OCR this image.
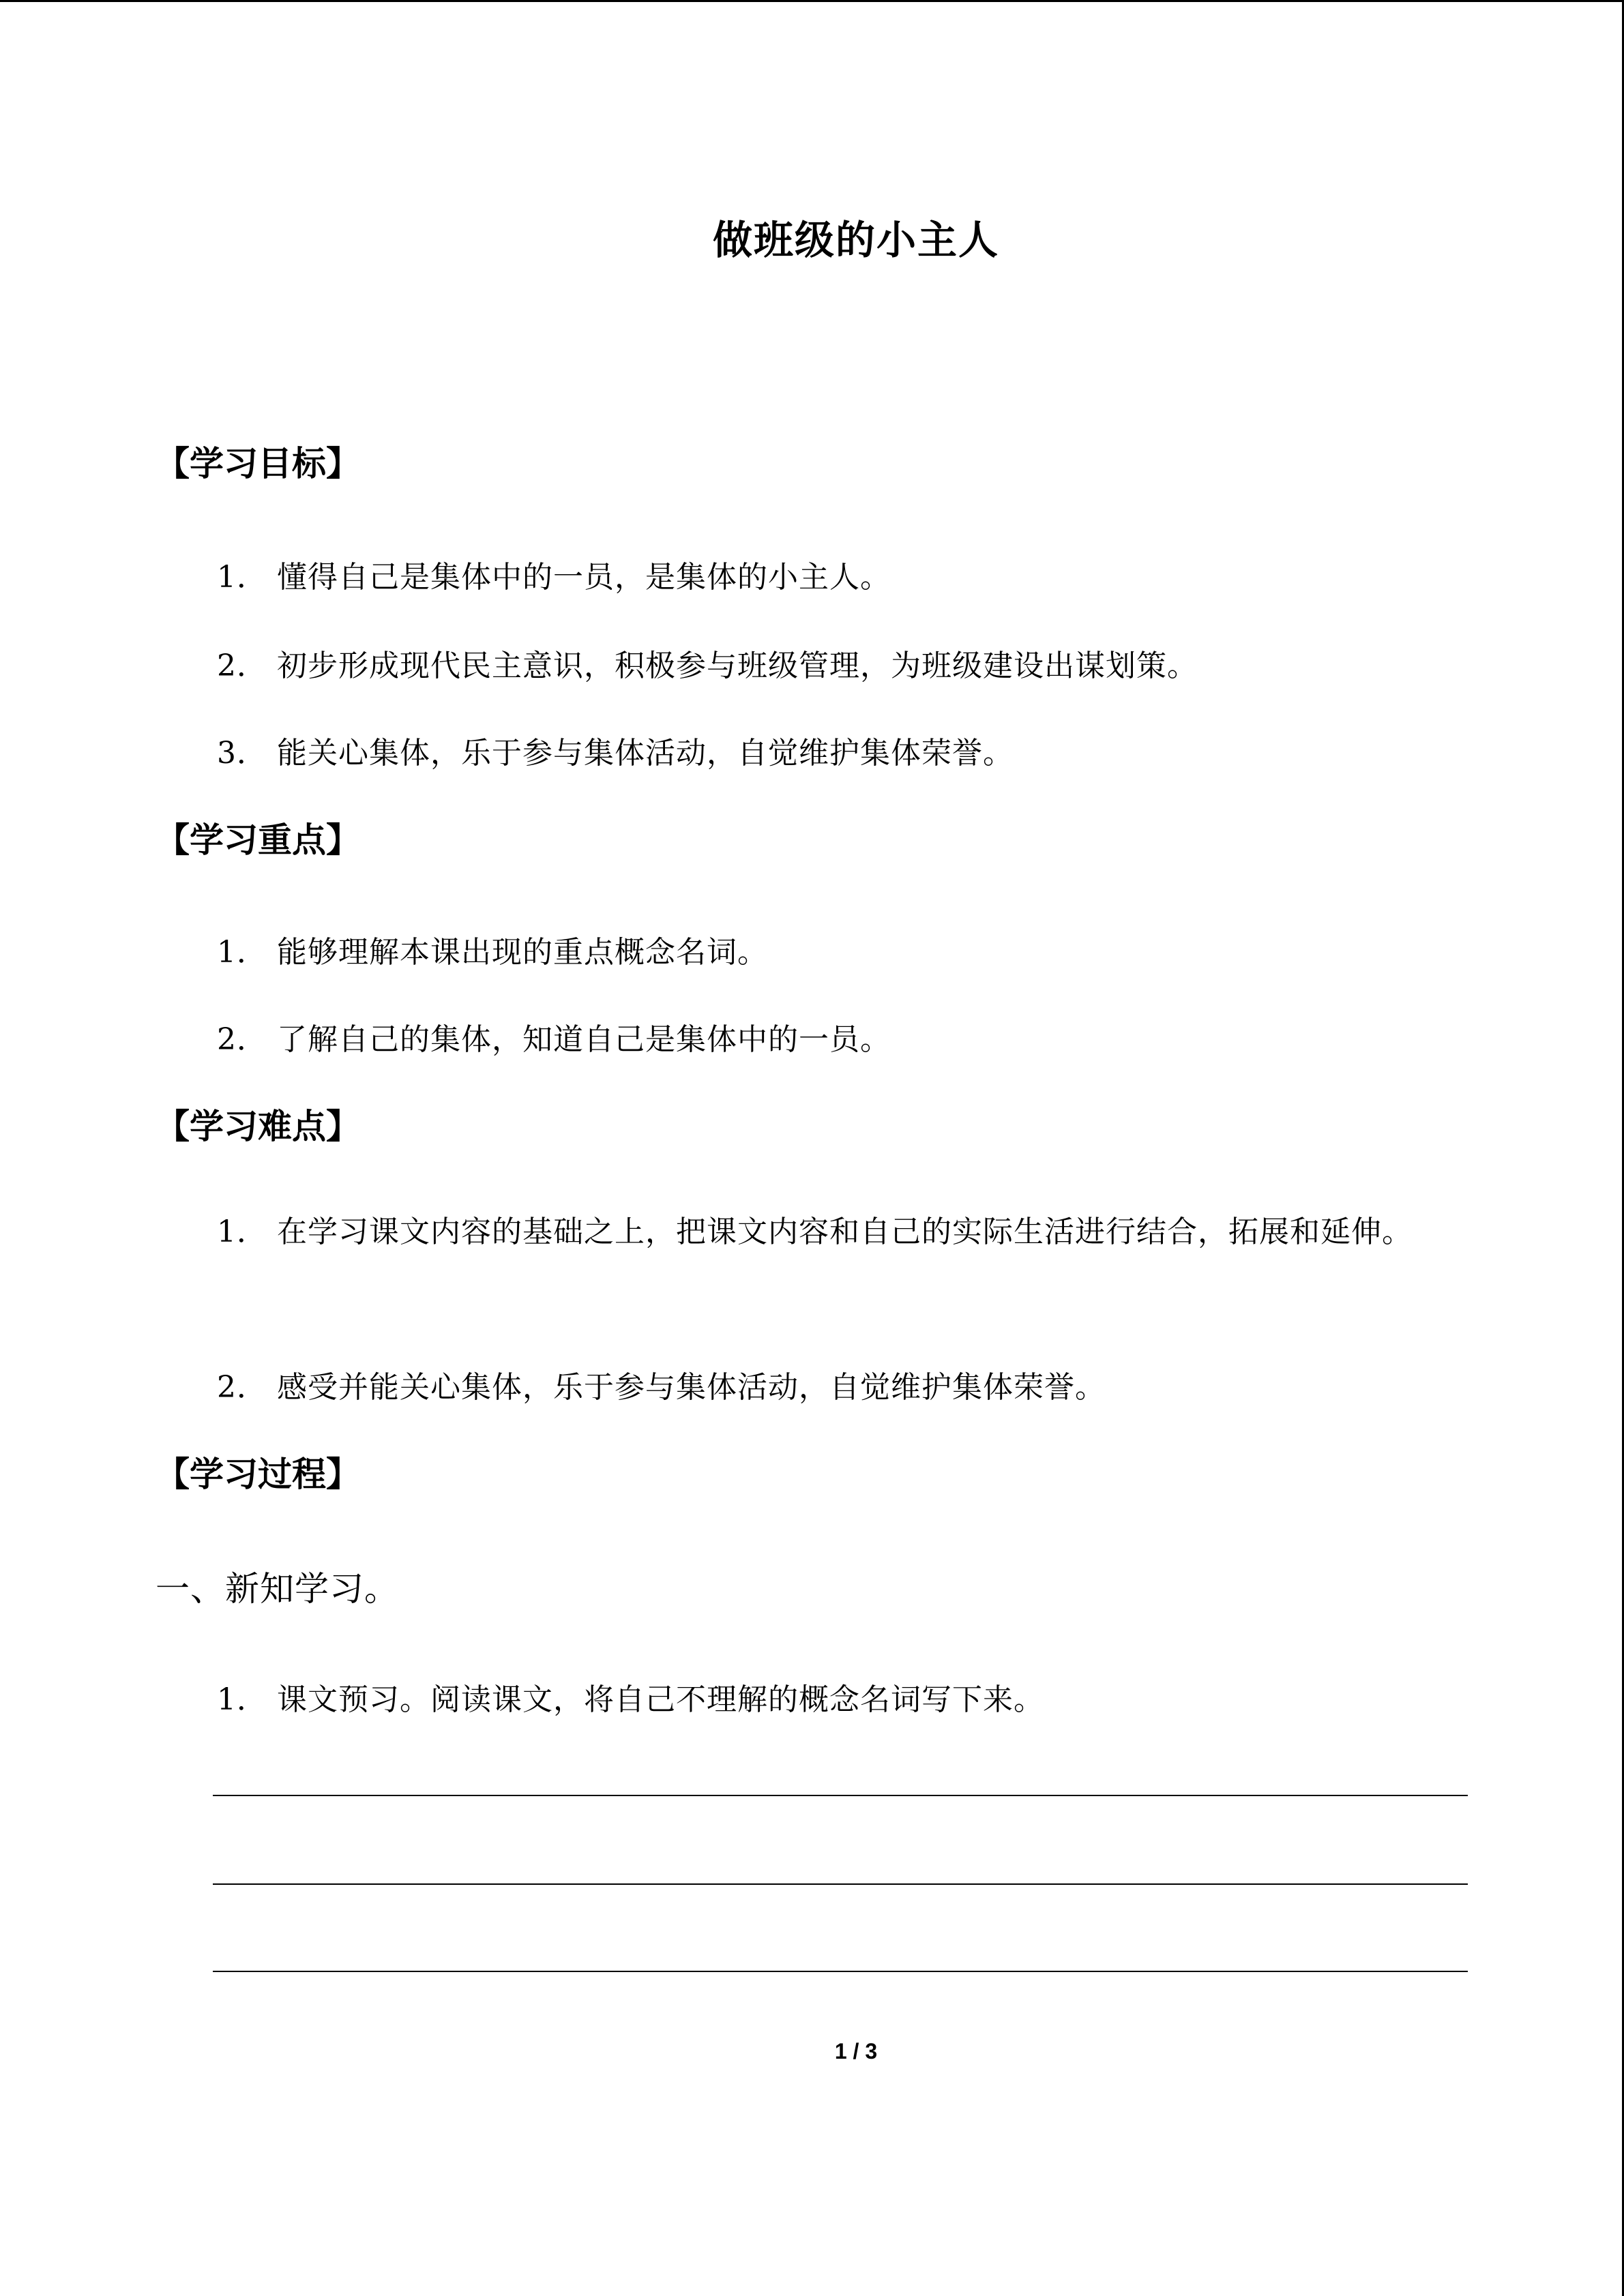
做班级的小主人
【学习目标】
1． 懂得自己是集体中的一员，是集体的小主人。
2． 初步形成现代民主意识，积极参与班级管理，为班级建设出谋划策。
3． 能关心集体，乐于参与集体活动，自觉维护集体荣誉。
【学习重点】
1． 能够理解本课出现的重点概念名词。
2． 了解自己的集体，知道自己是集体中的一员。
【学习难点】
1． 在学习课文内容的基础之上，把课文内容和自己的实际生活进行结合，拓展和延伸。
2． 感受并能关心集体，乐于参与集体活动，自觉维护集体荣誉。
【学习过程】
一、新知学习。
1． 课文预习。阅读课文，将自己不理解的概念名词写下来。
1 / 3
